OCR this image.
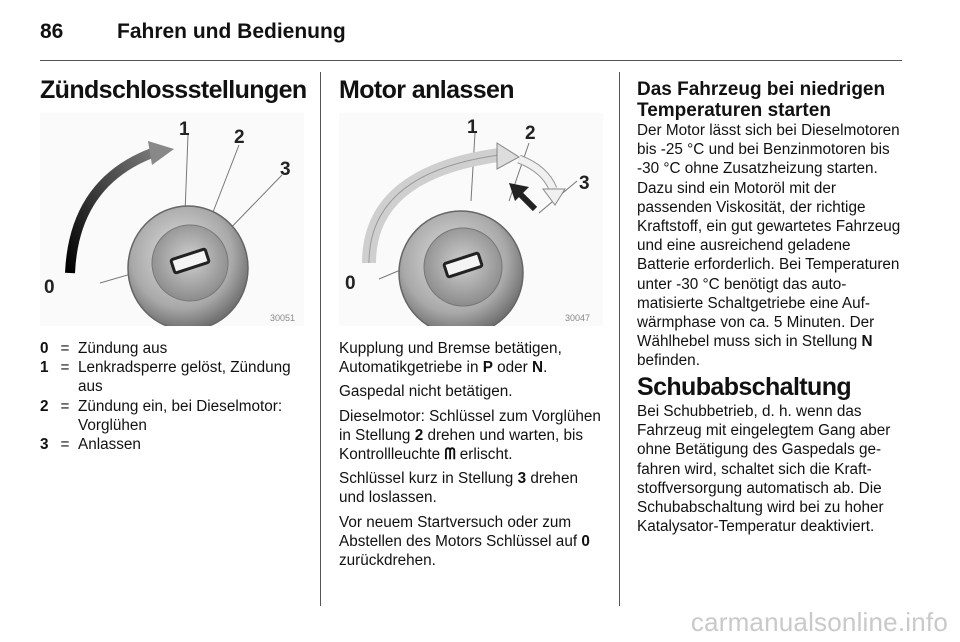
86	Fahren und Bedienung
Zündschlossstellungen
0
1 2
3
30051
0 = Zündung aus
1 = Lenkradsperre gelöst, Zündung aus
2 = Zündung ein, bei Dieselmotor: Vorglühen
3 = Anlassen
Motor anlassen
0
1 2
3
30047

Kupplung und Bremse betätigen, Automatikgetriebe in P oder N.

Gaspedal nicht betätigen.

Dieselmotor: Schlüssel zum Vorglühen in Stellung 2 drehen und warten, bis Kontrollleuchte ᗰ erlischt.

Schlüssel kurz in Stellung 3 drehen und loslassen.

Vor neuem Startversuch oder zum Abstellen des Motors Schlüssel auf 0 zurückdrehen.

Das Fahrzeug bei niedrigen Temperaturen starten

Der Motor lässt sich bei Dieselmotoren bis -25 °C und bei Benzinmotoren bis -30 °C ohne Zusatzheizung starten. Dazu sind ein Motoröl mit der passenden Viskosität, der richtige Kraftstoff, ein gut gewartetes Fahrzeug und eine ausreichend geladene Batterie erforderlich. Bei Temperaturen unter -30 °C benötigt das automatisierte Schaltgetriebe eine Aufwärmphase von ca. 5 Minuten. Der Wählhebel muss sich in Stellung N befinden.

Schubabschaltung

Bei Schubbetrieb, d. h. wenn das Fahrzeug mit eingelegtem Gang aber ohne Betätigung des Gaspedals gefahren wird, schaltet sich die Kraftstoffversorgung automatisch ab. Die Schubabschaltung wird bei zu hoher Katalysator-Temperatur deaktiviert.

carmanualsonline.info
